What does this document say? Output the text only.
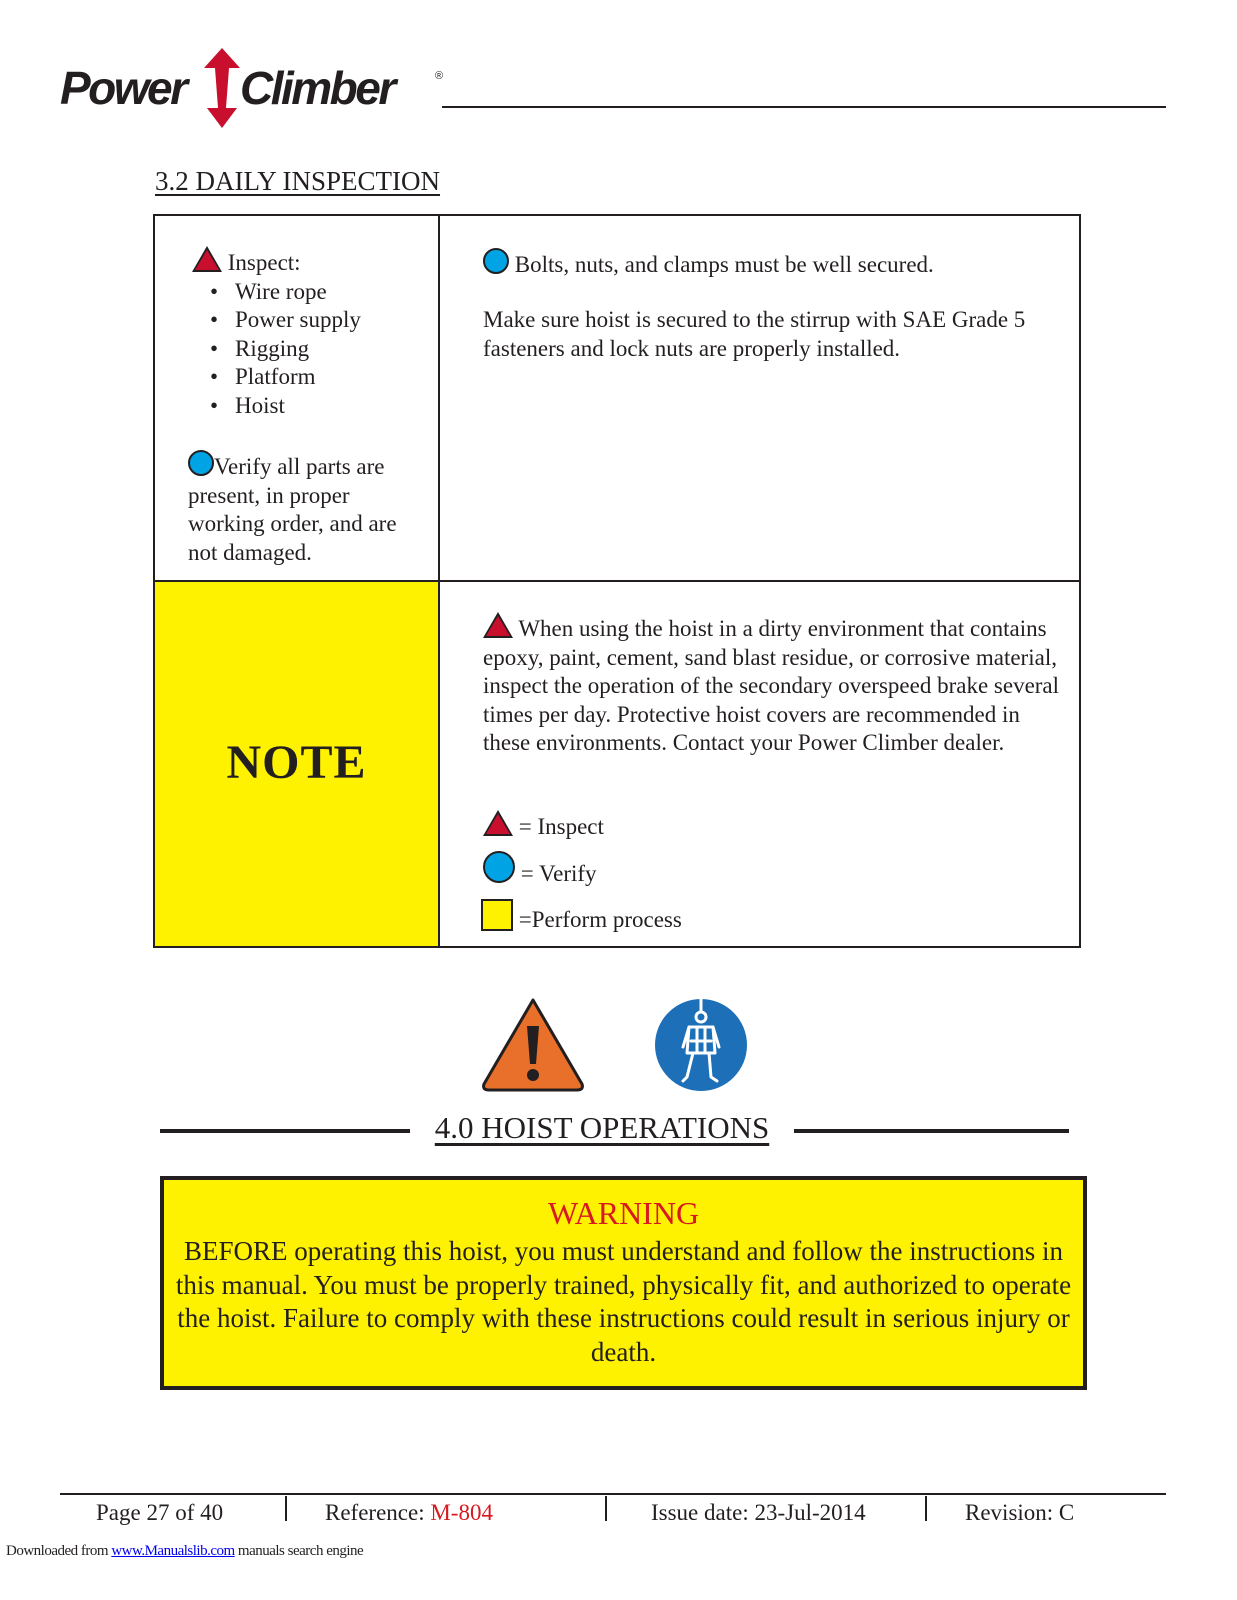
Power Climber	®
3.2 DAILY INSPECTION
Inspect:
• Wire rope
• Power supply
• Rigging
• Platform
• Hoist
Verify all parts are present, in proper working order, and are not damaged.
Bolts, nuts, and clamps must be well secured.
Make sure hoist is secured to the stirrup with SAE Grade 5 fasteners and lock nuts are properly installed.
NOTE
When using the hoist in a dirty environment that contains epoxy, paint, cement, sand blast residue, or corrosive material, inspect the operation of the secondary overspeed brake several times per day. Protective hoist covers are recommended in these environments. Contact your Power Climber dealer.
= Inspect
= Verify
=Perform process
4.0 HOIST OPERATIONS
WARNING
BEFORE operating this hoist, you must understand and follow the instructions in this manual. You must be properly trained, physically fit, and authorized to operate the hoist. Failure to comply with these instructions could result in serious injury or death.
Page 27 of 40	Reference: M-804	Issue date: 23-Jul-2014	Revision: C
Downloaded from www.Manualslib.com manuals search engine
